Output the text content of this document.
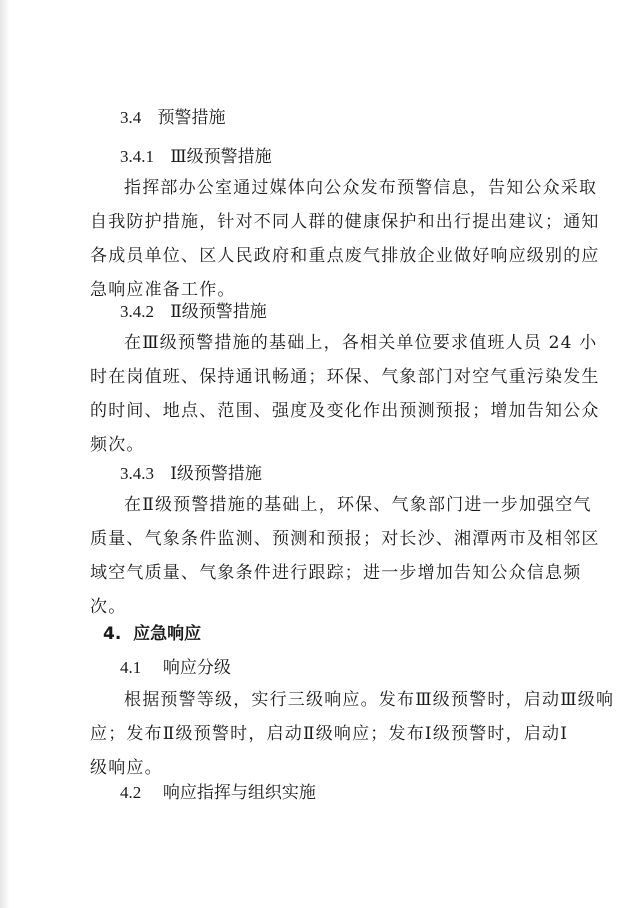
3.4 预警措施
3.4.1 Ⅲ级预警措施
指挥部办公室通过媒体向公众发布预警信息，告知公众采取
自我防护措施，针对不同人群的健康保护和出行提出建议；通知
各成员单位、区人民政府和重点废气排放企业做好响应级别的应
急响应准备工作。
3.4.2 Ⅱ级预警措施
在Ⅲ级预警措施的基础上，各相关单位要求值班人员 24 小
时在岗值班、保持通讯畅通；环保、气象部门对空气重污染发生
的时间、地点、范围、强度及变化作出预测预报；增加告知公众
频次。
3.4.3 Ⅰ级预警措施
在Ⅱ级预警措施的基础上，环保、气象部门进一步加强空气
质量、气象条件监测、预测和预报；对长沙、湘潭两市及相邻区
域空气质量、气象条件进行跟踪；进一步增加告知公众信息频
次。
4. 应急响应
4.1 响应分级
根据预警等级，实行三级响应。发布Ⅲ级预警时，启动Ⅲ级响
应；发布Ⅱ级预警时，启动Ⅱ级响应；发布Ⅰ级预警时，启动Ⅰ
级响应。
4.2 响应指挥与组织实施
